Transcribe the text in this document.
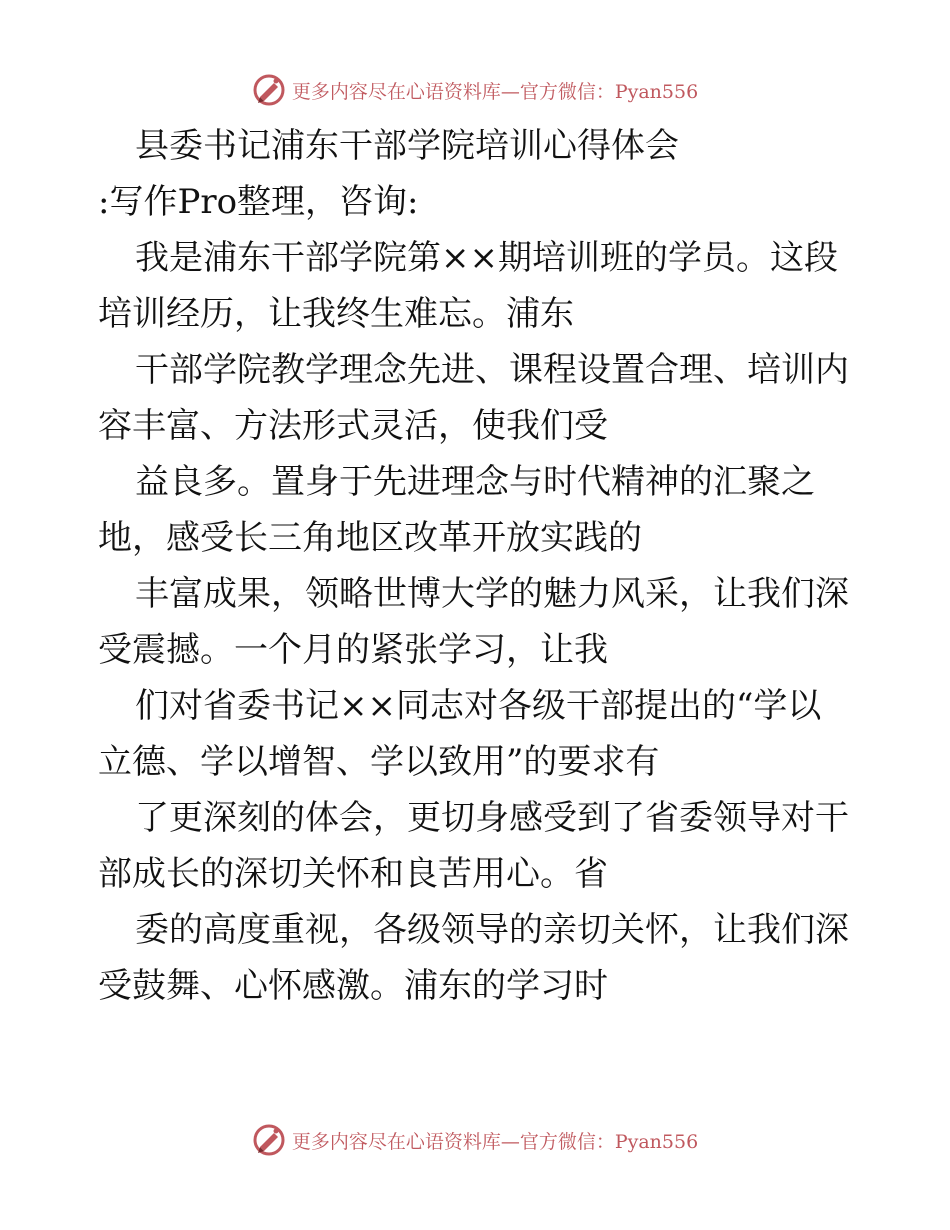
更多内容尽在心语资料库—官方微信：Pyan556

县委书记浦东干部学院培训心得体会

:写作Pro整理，咨询:

我是浦东干部学院第××期培训班的学员。这段

培训经历，让我终生难忘。浦东

干部学院教学理念先进、课程设置合理、培训内

容丰富、方法形式灵活，使我们受

益良多。置身于先进理念与时代精神的汇聚之

地，感受长三角地区改革开放实践的

丰富成果，领略世博大学的魅力风采，让我们深

受震撼。一个月的紧张学习，让我

们对省委书记××同志对各级干部提出的“学以

立德、学以增智、学以致用”的要求有

了更深刻的体会，更切身感受到了省委领导对干

部成长的深切关怀和良苦用心。省

委的高度重视，各级领导的亲切关怀，让我们深

受鼓舞、心怀感激。浦东的学习时

更多内容尽在心语资料库—官方微信：Pyan556
